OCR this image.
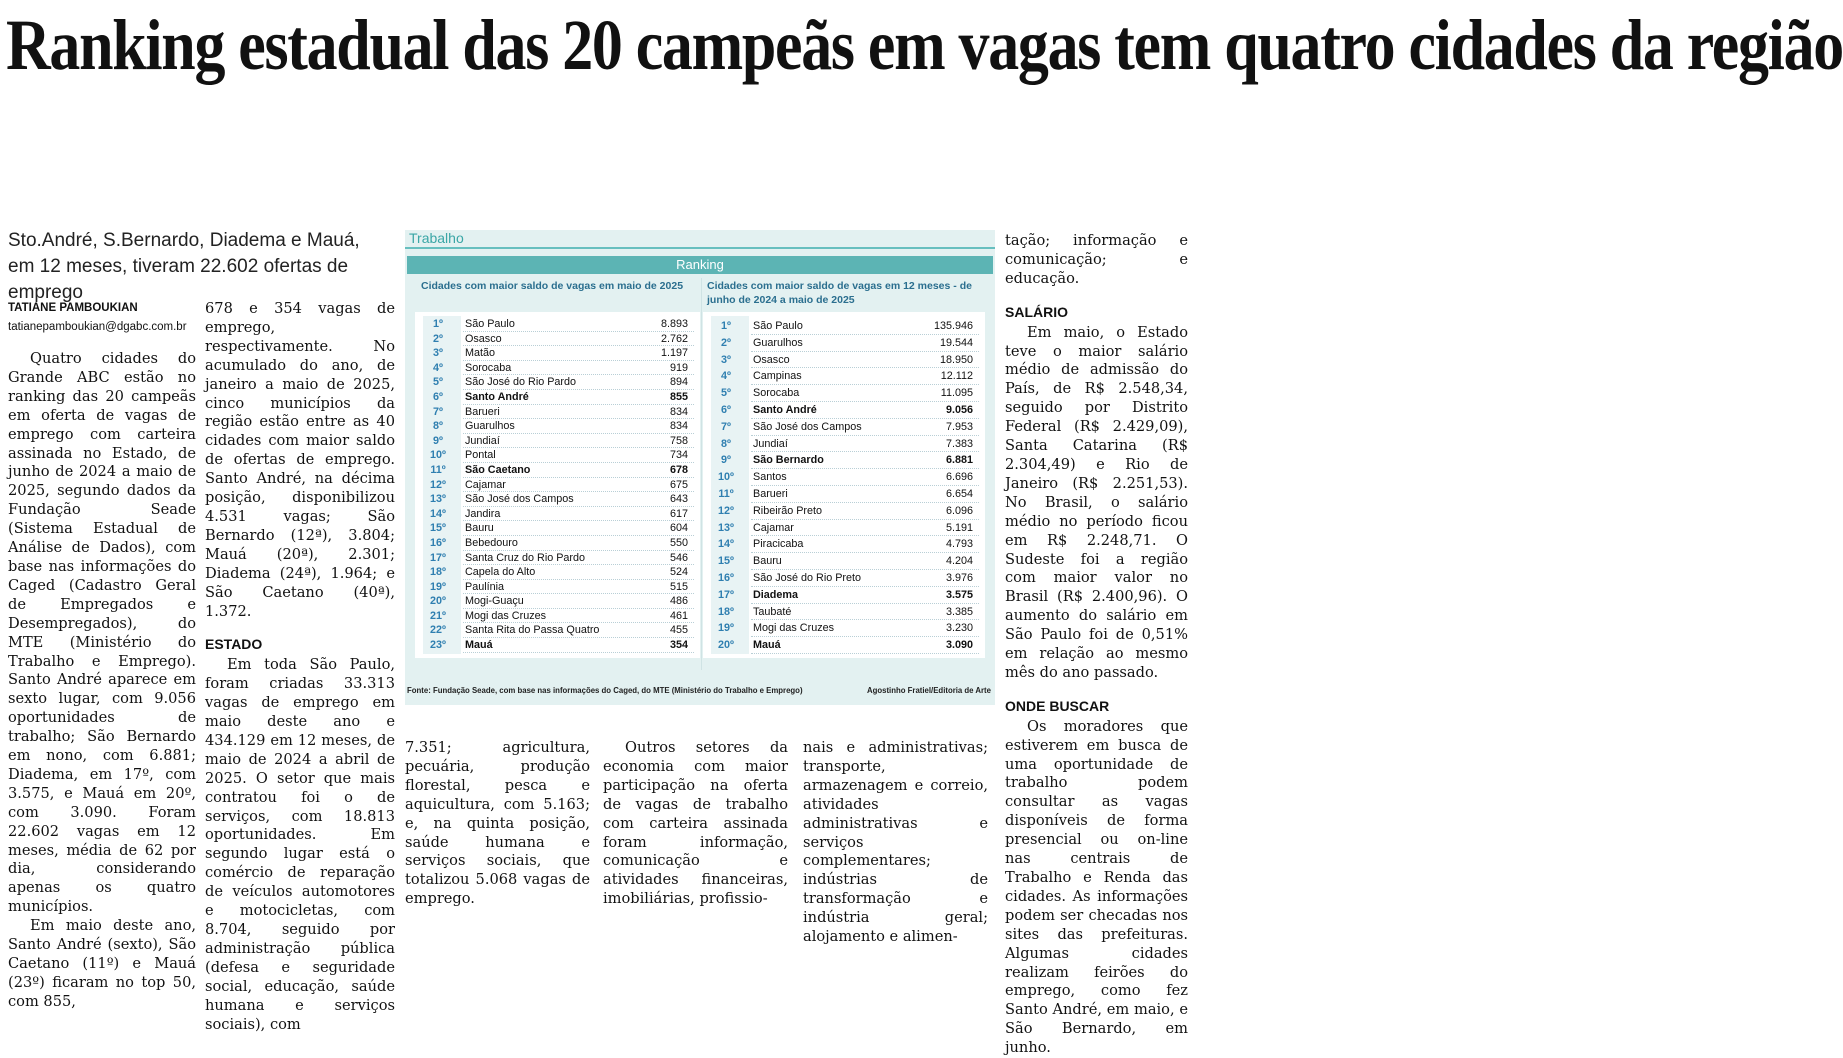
Ranking estadual das 20 campeãs em vagas tem quatro cidades da região
Sto.André, S.Bernardo, Diadema e Mauá, em 12 meses, tiveram 22.602 ofertas de emprego
TATIANE PAMBOUKIAN
tatianepamboukian@dgabc.com.br

Quatro cidades do Grande ABC estão no ranking das 20 campeãs em oferta de vagas de emprego com carteira assinada no Estado, de junho de 2024 a maio de 2025, segundo dados da Fundação Seade (Sistema Estadual de Análise de Dados), com base nas informações do Caged (Cadastro Geral de Empregados e Desempregados), do MTE (Ministério do Trabalho e Emprego). Santo André aparece em sexto lugar, com 9.056 oportunidades de trabalho; São Bernardo em nono, com 6.881; Diadema, em 17º, com 3.575, e Mauá em 20º, com 3.090. Foram 22.602 vagas em 12 meses, média de 62 por dia, considerando apenas os quatro municípios.

Em maio deste ano, Santo André (sexto), São Caetano (11º) e Mauá (23º) ficaram no top 50, com 855,

678 e 354 vagas de emprego, respectivamente. No acumulado do ano, de janeiro a maio de 2025, cinco municípios da região estão entre as 40 cidades com maior saldo de ofertas de emprego. Santo André, na décima posição, disponibilizou 4.531 vagas; São Bernardo (12ª), 3.804; Mauá (20ª), 2.301; Diadema (24ª), 1.964; e São Caetano (40ª), 1.372.

ESTADO

Em toda São Paulo, foram criadas 33.313 vagas de emprego em maio deste ano e 434.129 em 12 meses, de maio de 2024 a abril de 2025. O setor que mais contratou foi o de serviços, com 18.813 oportunidades. Em segundo lugar está o comércio de reparação de veículos automotores e motocicletas, com 8.704, seguido por administração pública (defesa e seguridade social, educação, saúde humana e serviços sociais), com

Trabalho
Ranking
Cidades com maior saldo de vagas em maio de 2025	Cidades com maior saldo de vagas em 12 meses - de junho de 2024 a maio de 2025
1º	São Paulo	8.893
2º	Osasco	2.762
3º	Matão	1.197
4º	Sorocaba	919
5º	São José do Rio Pardo	894
6º	Santo André	855
7º	Barueri	834
8º	Guarulhos	834
9º	Jundiaí	758
10º	Pontal	734
11º	São Caetano	678
12º	Cajamar	675
13º	São José dos Campos	643
14º	Jandira	617
15º	Bauru	604
16º	Bebedouro	550
17º	Santa Cruz do Rio Pardo	546
18º	Capela do Alto	524
19º	Paulínia	515
20º	Mogi-Guaçu	486
21º	Mogi das Cruzes	461
22º	Santa Rita do Passa Quatro	455
23º	Mauá	354
1º	São Paulo	135.946
2º	Guarulhos	19.544
3º	Osasco	18.950
4º	Campinas	12.112
5º	Sorocaba	11.095
6º	Santo André	9.056
7º	São José dos Campos	7.953
8º	Jundiaí	7.383
9º	São Bernardo	6.881
10º	Santos	6.696
11º	Barueri	6.654
12º	Ribeirão Preto	6.096
13º	Cajamar	5.191
14º	Piracicaba	4.793
15º	Bauru	4.204
16º	São José do Rio Preto	3.976
17º	Diadema	3.575
18º	Taubaté	3.385
19º	Mogi das Cruzes	3.230
20º	Mauá	3.090
Fonte: Fundação Seade, com base nas informações do Caged, do MTE (Ministério do Trabalho e Emprego)	Agostinho Fratiel/Editoria de Arte

7.351; agricultura, pecuária, produção florestal, pesca e aquicultura, com 5.163; e, na quinta posição, saúde humana e serviços sociais, que totalizou 5.068 vagas de emprego.

Outros setores da economia com maior participação na oferta de vagas de trabalho com carteira assinada foram informação, comunicação e atividades financeiras, imobiliárias, profissio-

nais e administrativas; transporte, armazenagem e correio, atividades administrativas e serviços complementares; indústrias de transformação e indústria geral; alojamento e alimen-

tação; informação e comunicação; e educação.

SALÁRIO

Em maio, o Estado teve o maior salário médio de admissão do País, de R$ 2.548,34, seguido por Distrito Federal (R$ 2.429,09), Santa Catarina (R$ 2.304,49) e Rio de Janeiro (R$ 2.251,53). No Brasil, o salário médio no período ficou em R$ 2.248,71. O Sudeste foi a região com maior valor no Brasil (R$ 2.400,96). O aumento do salário em São Paulo foi de 0,51% em relação ao mesmo mês do ano passado.

ONDE BUSCAR

Os moradores que estiverem em busca de uma oportunidade de trabalho podem consultar as vagas disponíveis de forma presencial ou on-line nas centrais de Trabalho e Renda das cidades. As informações podem ser checadas nos sites das prefeituras. Algumas cidades realizam feirões do emprego, como fez Santo André, em maio, e São Bernardo, em junho.
